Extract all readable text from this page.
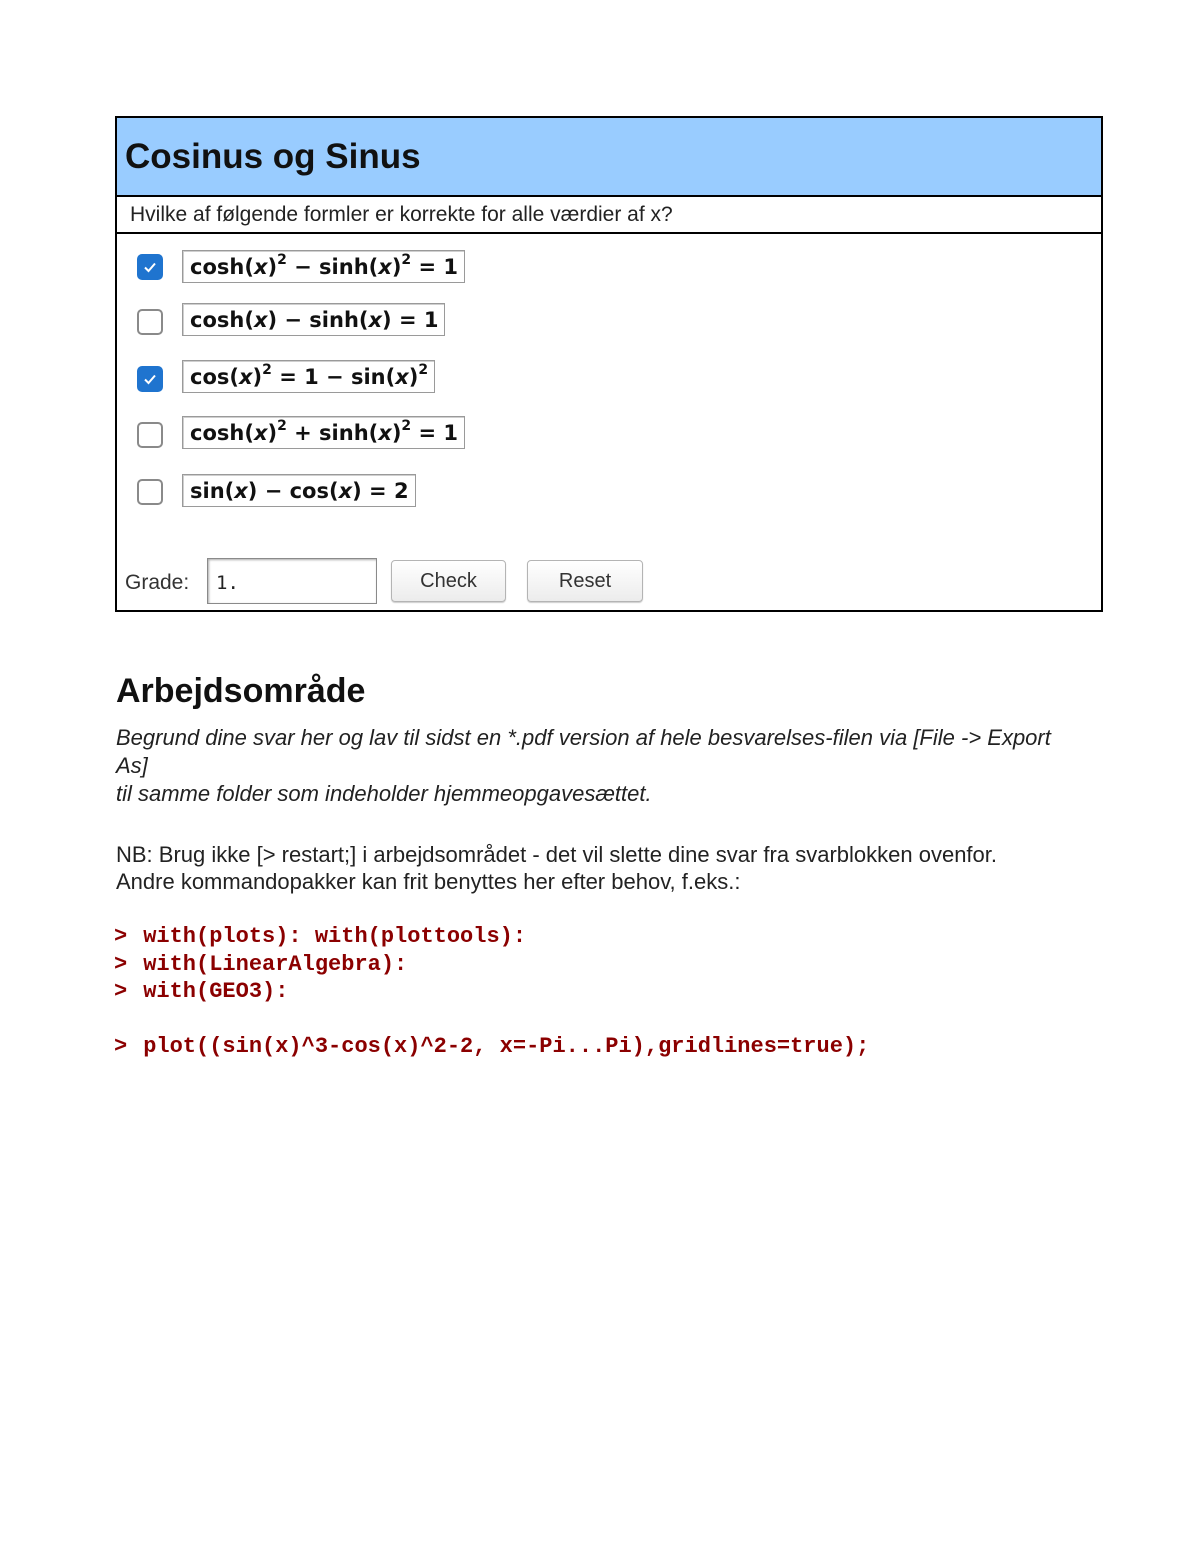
Cosinus og Sinus
Hvilke af følgende formler er korrekte for alle værdier af x?
$\cosh(x)^2 - \sinh(x)^2 = 1$
cosh(x) − sinh(x) = 1
$\cos(x)^2 = 1 - \sin(x)^2$
$\cosh(x)^2 + \sinh(x)^2 = 1$
sin(x) − cos(x) = 2
Grade:	1.	Check	Reset
Arbejdsområde
Begrund dine svar her og lav til sidst en *.pdf version af hele besvarelses-filen via [File -> Export As]
til samme folder som indeholder hjemmeopgavesættet.
NB: Brug ikke [> restart;] i arbejdsområdet - det vil slette dine svar fra svarblokken ovenfor.
Andre kommandopakker kan frit benyttes her efter behov, f.eks.:
> with(plots): with(plottools):
> with(LinearAlgebra):
> with(GEO3):
> plot((sin(x)^3-cos(x)^2-2, x=-Pi...Pi),gridlines=true);
